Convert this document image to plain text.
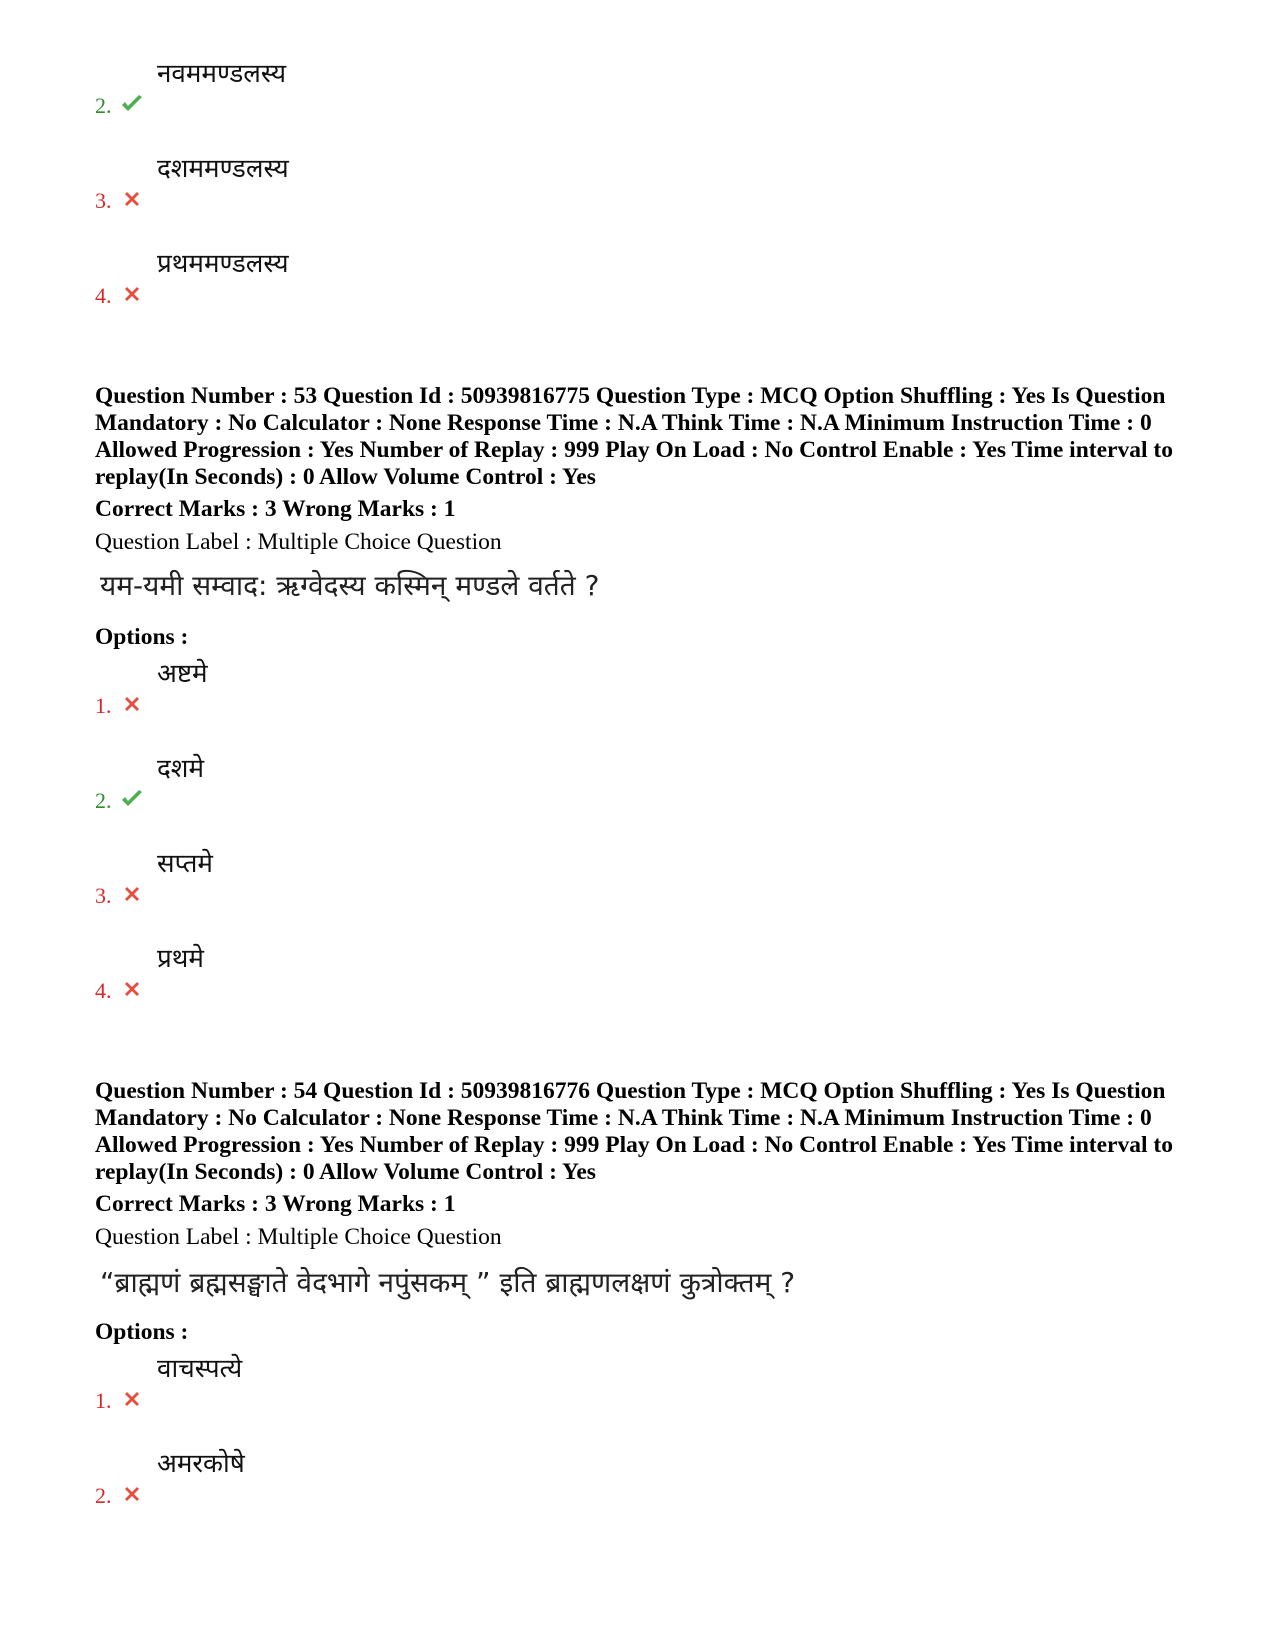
2.
नवममण्डलस्य
3.
दशममण्डलस्य
4.
प्रथममण्डलस्य
Question Number : 53 Question Id : 50939816775 Question Type : MCQ Option Shuffling : Yes Is Question Mandatory : No Calculator : None Response Time : N.A Think Time : N.A Minimum Instruction Time : 0 Allowed Progression : Yes Number of Replay : 999 Play On Load : No Control Enable : Yes Time interval to replay(In Seconds) : 0 Allow Volume Control : Yes
Correct Marks : 3 Wrong Marks : 1
Question Label : Multiple Choice Question
यम-यमी सम्वाद: ऋग्वेदस्य कस्मिन् मण्डले वर्तते ?
Options :
1.
अष्टमे
2.
दशमे
3.
सप्तमे
4.
प्रथमे
Question Number : 54 Question Id : 50939816776 Question Type : MCQ Option Shuffling : Yes Is Question Mandatory : No Calculator : None Response Time : N.A Think Time : N.A Minimum Instruction Time : 0 Allowed Progression : Yes Number of Replay : 999 Play On Load : No Control Enable : Yes Time interval to replay(In Seconds) : 0 Allow Volume Control : Yes
Correct Marks : 3 Wrong Marks : 1
Question Label : Multiple Choice Question
“ब्राह्मणं ब्रह्मसङ्घाते वेदभागे नपुंसकम् ” इति ब्राह्मणलक्षणं कुत्रोक्तम् ?
Options :
1.
वाचस्पत्ये
2.
अमरकोषे
